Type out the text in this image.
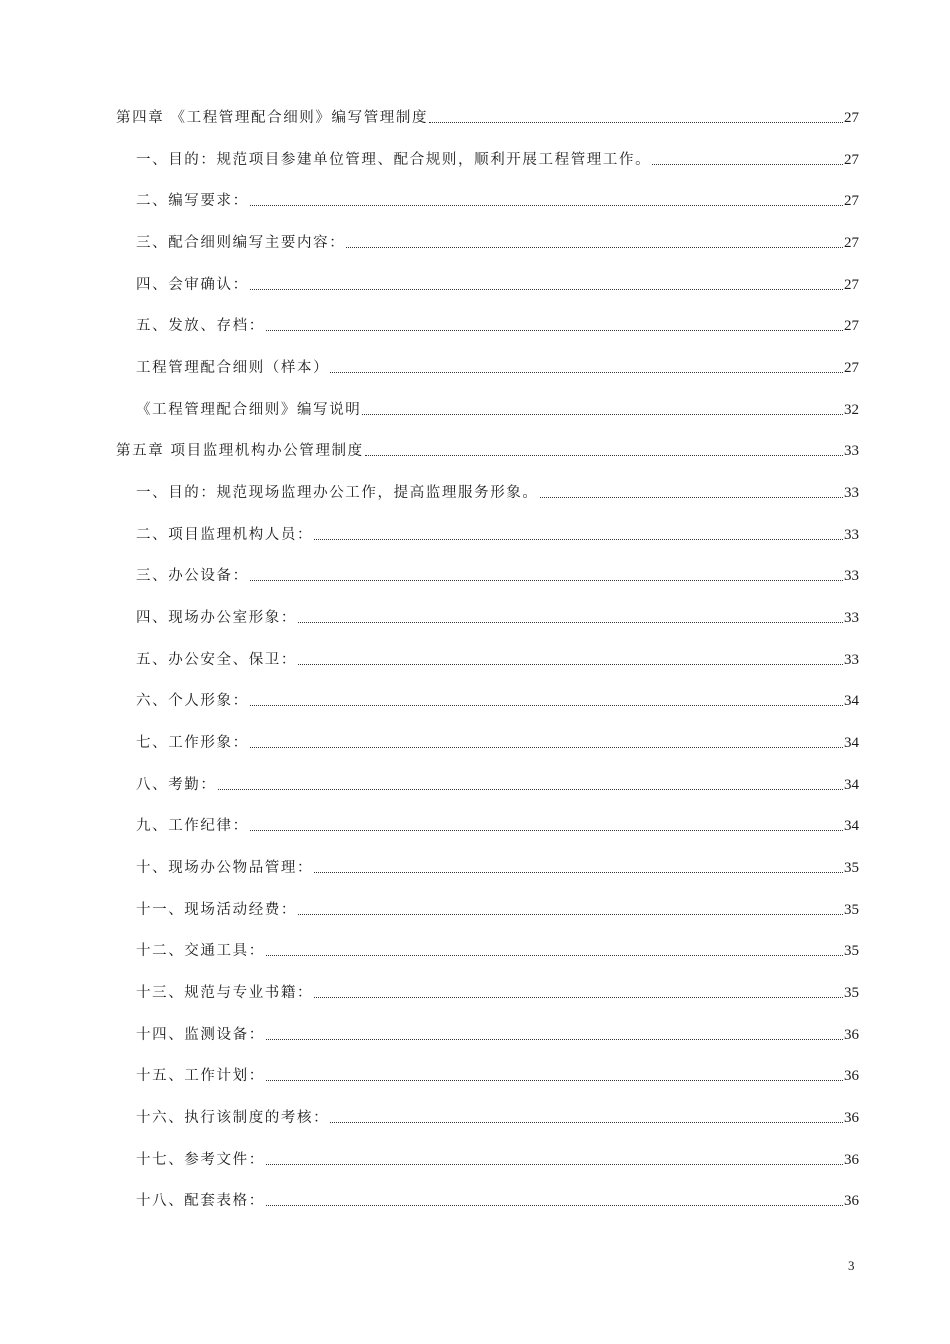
第四章 《工程管理配合细则》编写管理制度	27
一、目的：规范项目参建单位管理、配合规则，顺利开展工程管理工作。	27
二、编写要求：	27
三、配合细则编写主要内容：	27
四、会审确认：	27
五、发放、存档：	27
工程管理配合细则（样本）	27
《工程管理配合细则》编写说明	32
第五章 项目监理机构办公管理制度	33
一、目的：规范现场监理办公工作，提高监理服务形象。	33
二、项目监理机构人员：	33
三、办公设备：	33
四、现场办公室形象：	33
五、办公安全、保卫：	33
六、个人形象：	34
七、工作形象：	34
八、考勤：	34
九、工作纪律：	34
十、现场办公物品管理：	35
十一、现场活动经费：	35
十二、交通工具：	35
十三、规范与专业书籍：	35
十四、监测设备：	36
十五、工作计划：	36
十六、执行该制度的考核：	36
十七、参考文件：	36
十八、配套表格：	36
3
